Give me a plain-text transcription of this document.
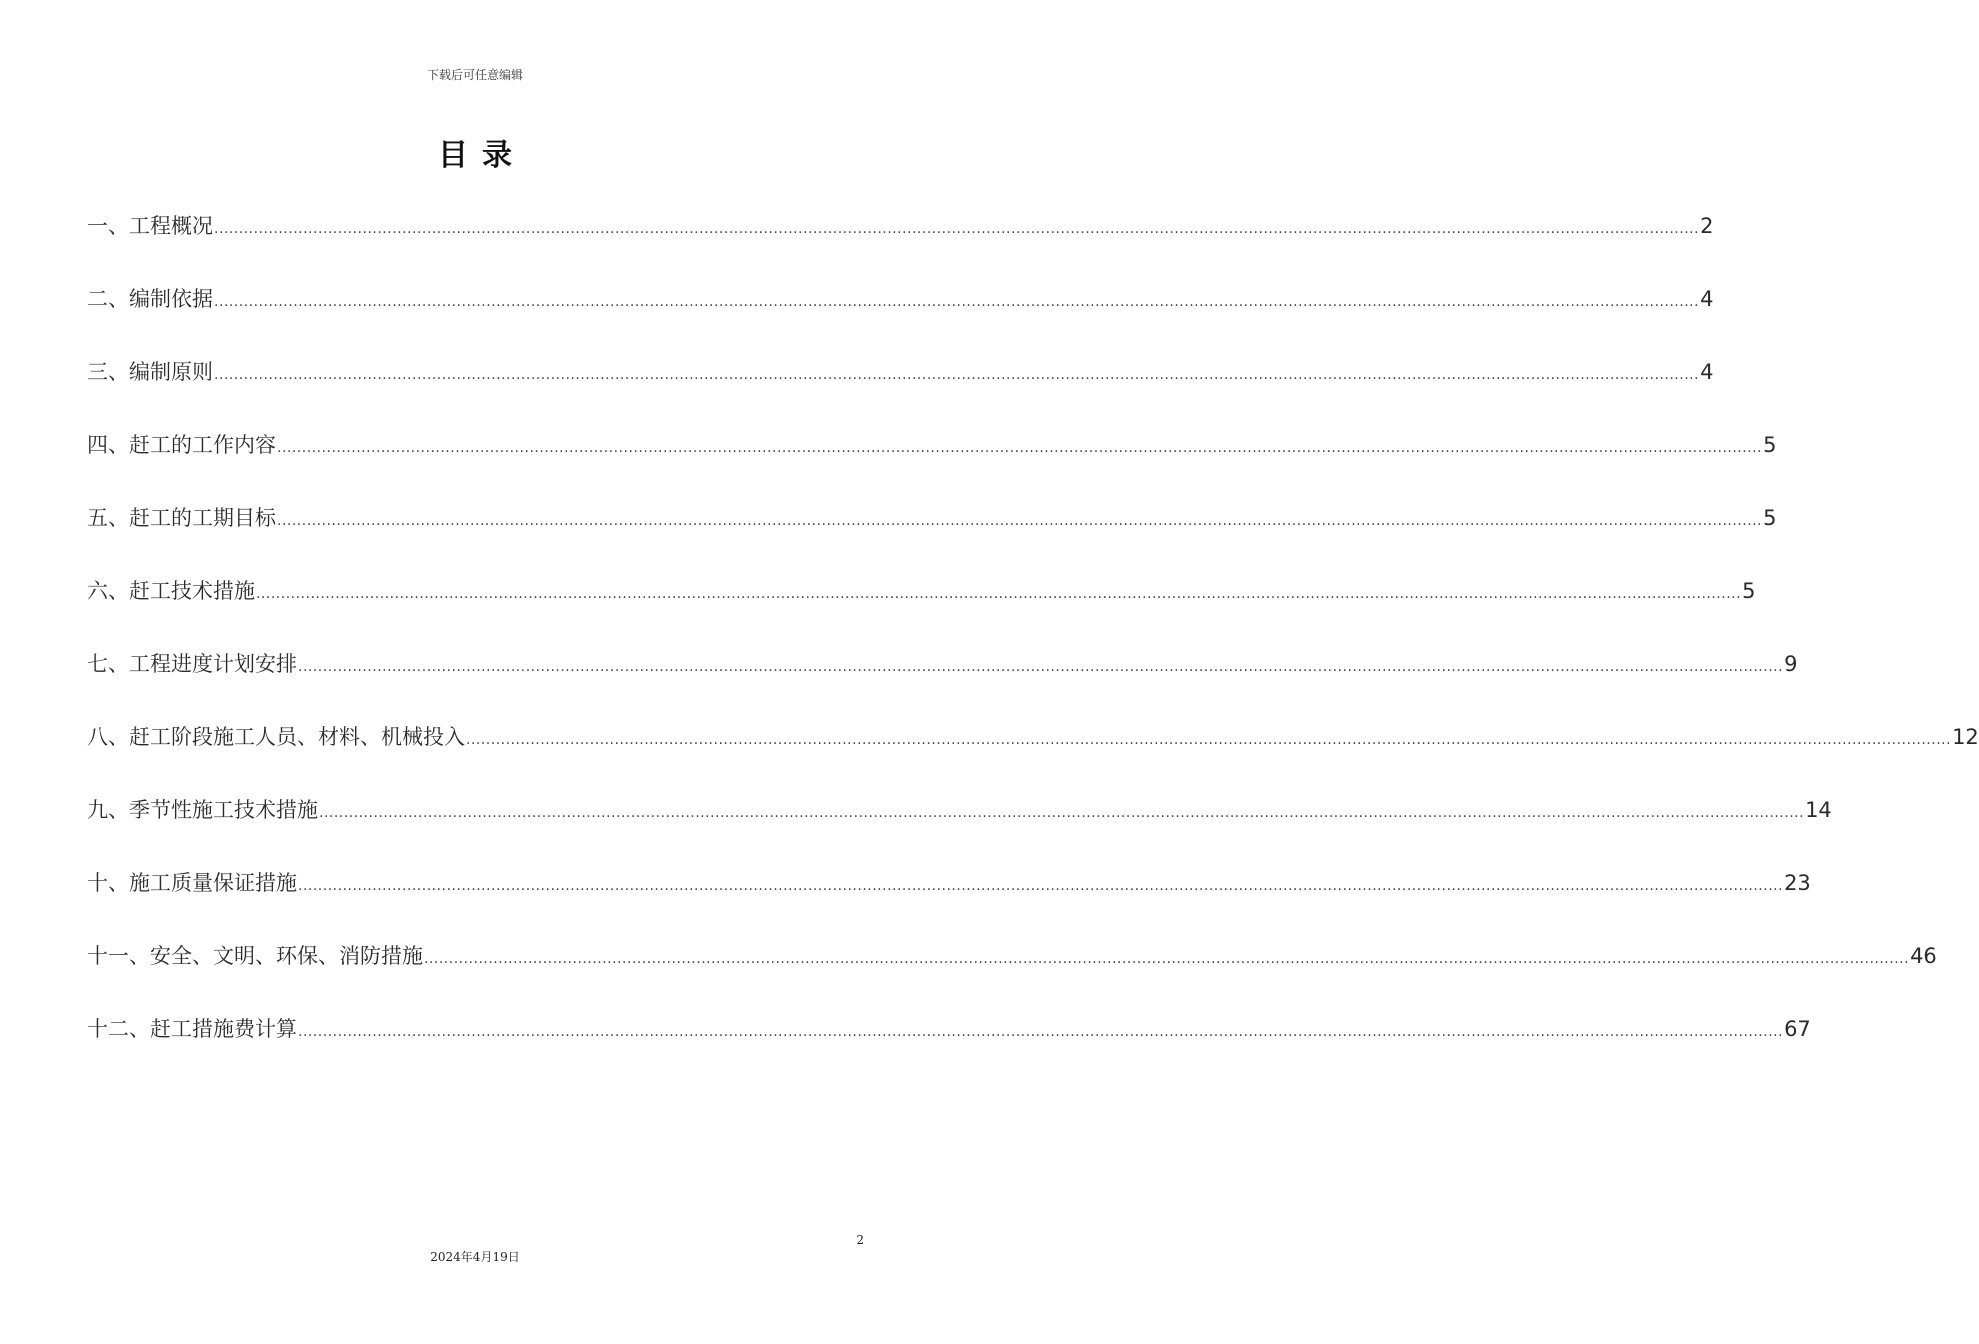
下载后可任意编辑
目录
一、工程概况 ............................................................................................................................................................................................................................................................................................................ 2
二、编制依据 ............................................................................................................................................................................................................................................................................................................ 4
三、编制原则 ............................................................................................................................................................................................................................................................................................................ 4
四、赶工的工作内容 ............................................................................................................................................................................................................................................................................................................ 5
五、赶工的工期目标 ............................................................................................................................................................................................................................................................................................................ 5
六、赶工技术措施 ............................................................................................................................................................................................................................................................................................................ 5
七、工程进度计划安排 ............................................................................................................................................................................................................................................................................................................ 9
八、赶工阶段施工人员、材料、机械投入 ............................................................................................................................................................................................................................................................................................................ 12
九、季节性施工技术措施 ............................................................................................................................................................................................................................................................................................................ 14
十、施工质量保证措施 ............................................................................................................................................................................................................................................................................................................ 23
十一、安全、文明、环保、消防措施 ............................................................................................................................................................................................................................................................................................................ 46
十二、赶工措施费计算 ............................................................................................................................................................................................................................................................................................................ 67
2
2024年4月19日
